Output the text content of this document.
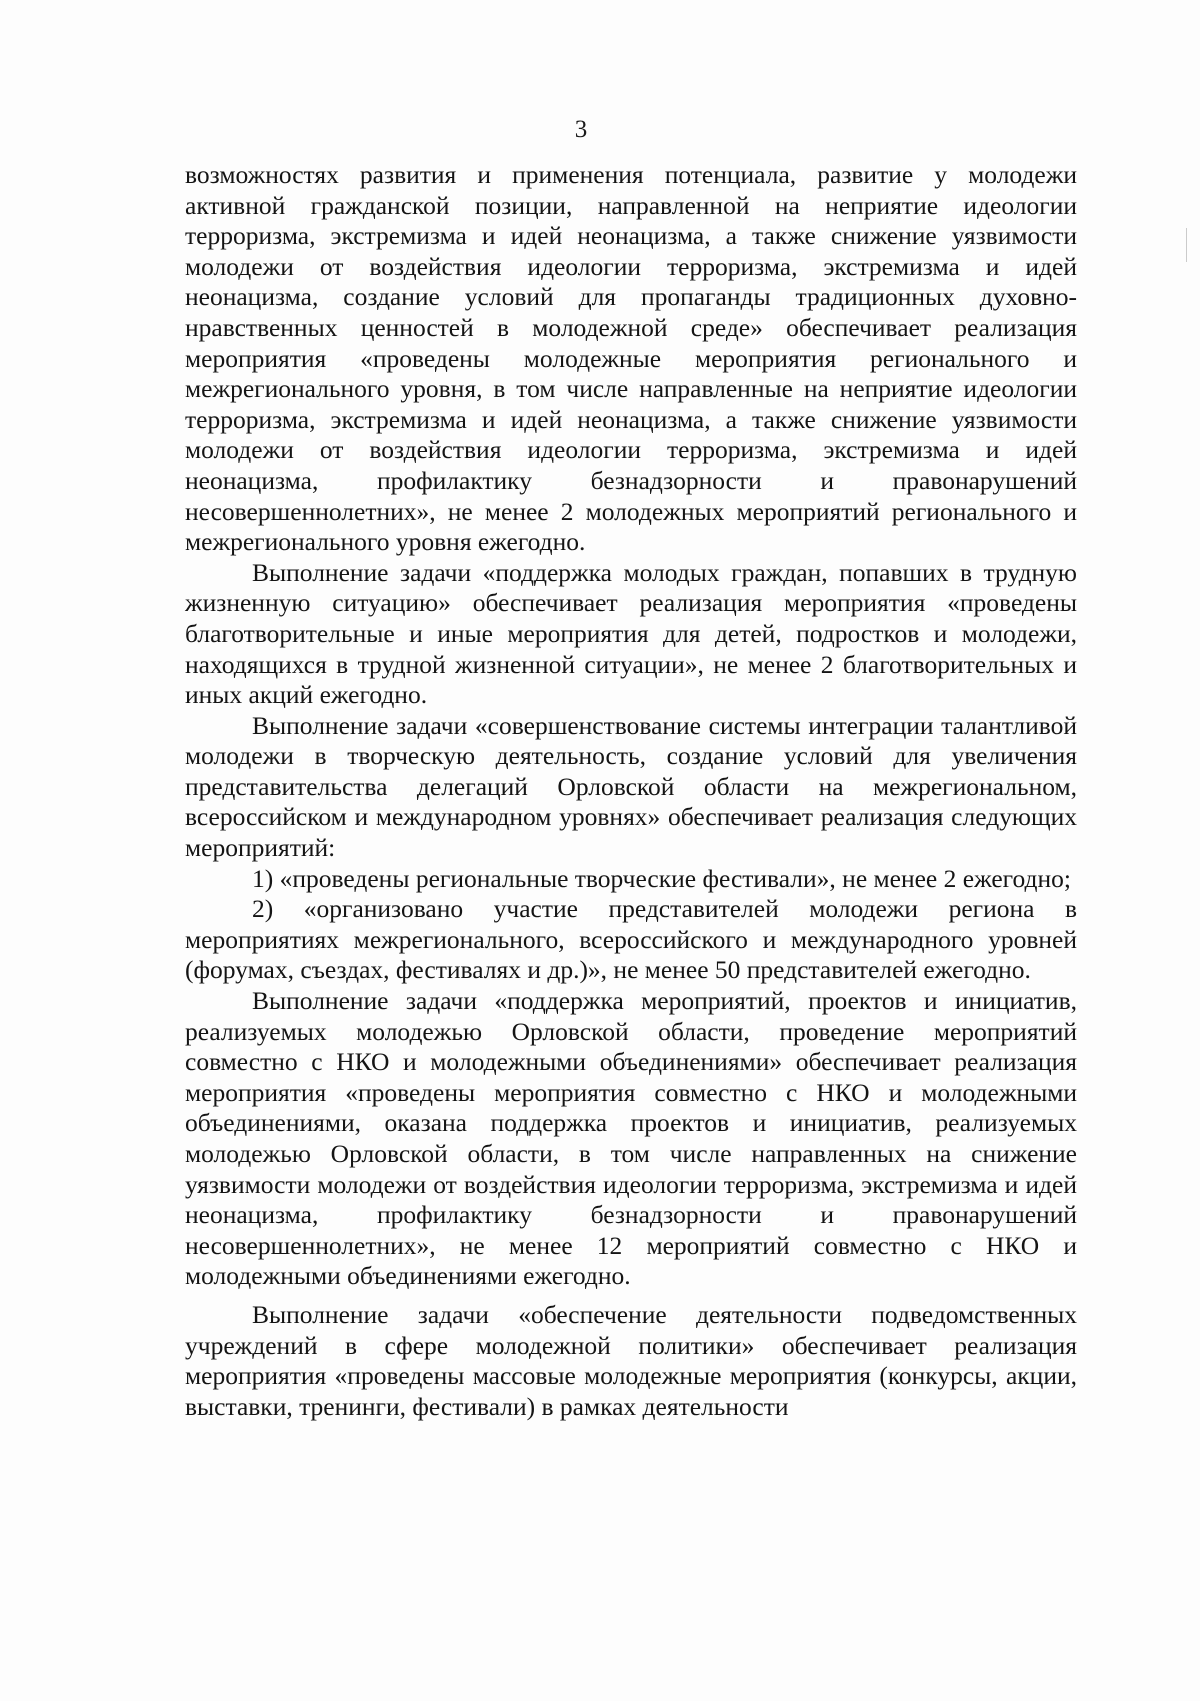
3

возможностях развития и применения потенциала, развитие у молодежи активной гражданской позиции, направленной на неприятие идеологии терроризма, экстремизма и идей неонацизма, а также снижение уязвимости молодежи от воздействия идеологии терроризма, экстремизма и идей неонацизма, создание условий для пропаганды традиционных духовно-нравственных ценностей в молодежной среде» обеспечивает реализация мероприятия «проведены молодежные мероприятия регионального и межрегионального уровня, в том числе направленные на неприятие идеологии терроризма, экстремизма и идей неонацизма, а также снижение уязвимости молодежи от воздействия идеологии терроризма, экстремизма и идей неонацизма, профилактику безнадзорности и правонарушений несовершеннолетних», не менее 2 молодежных мероприятий регионального и межрегионального уровня ежегодно.

Выполнение задачи «поддержка молодых граждан, попавших в трудную жизненную ситуацию» обеспечивает реализация мероприятия «проведены благотворительные и иные мероприятия для детей, подростков и молодежи, находящихся в трудной жизненной ситуации», не менее 2 благотворительных и иных акций ежегодно.

Выполнение задачи «совершенствование системы интеграции талантливой молодежи в творческую деятельность, создание условий для увеличения представительства делегаций Орловской области на межрегиональном, всероссийском и международном уровнях» обеспечивает реализация следующих мероприятий:

1) «проведены региональные творческие фестивали», не менее 2 ежегодно;

2) «организовано участие представителей молодежи региона в мероприятиях межрегионального, всероссийского и международного уровней (форумах, съездах, фестивалях и др.)», не менее 50 представителей ежегодно.

Выполнение задачи «поддержка мероприятий, проектов и инициатив, реализуемых молодежью Орловской области, проведение мероприятий совместно с НКО и молодежными объединениями» обеспечивает реализация мероприятия «проведены мероприятия совместно с НКО и молодежными объединениями, оказана поддержка проектов и инициатив, реализуемых молодежью Орловской области, в том числе направленных на снижение уязвимости молодежи от воздействия идеологии терроризма, экстремизма и идей неонацизма, профилактику безнадзорности и правонарушений несовершеннолетних», не менее 12 мероприятий совместно с НКО и молодежными объединениями ежегодно.

Выполнение задачи «обеспечение деятельности подведомственных учреждений в сфере молодежной политики» обеспечивает реализация мероприятия «проведены массовые молодежные мероприятия (конкурсы, акции, выставки, тренинги, фестивали) в рамках деятельности
